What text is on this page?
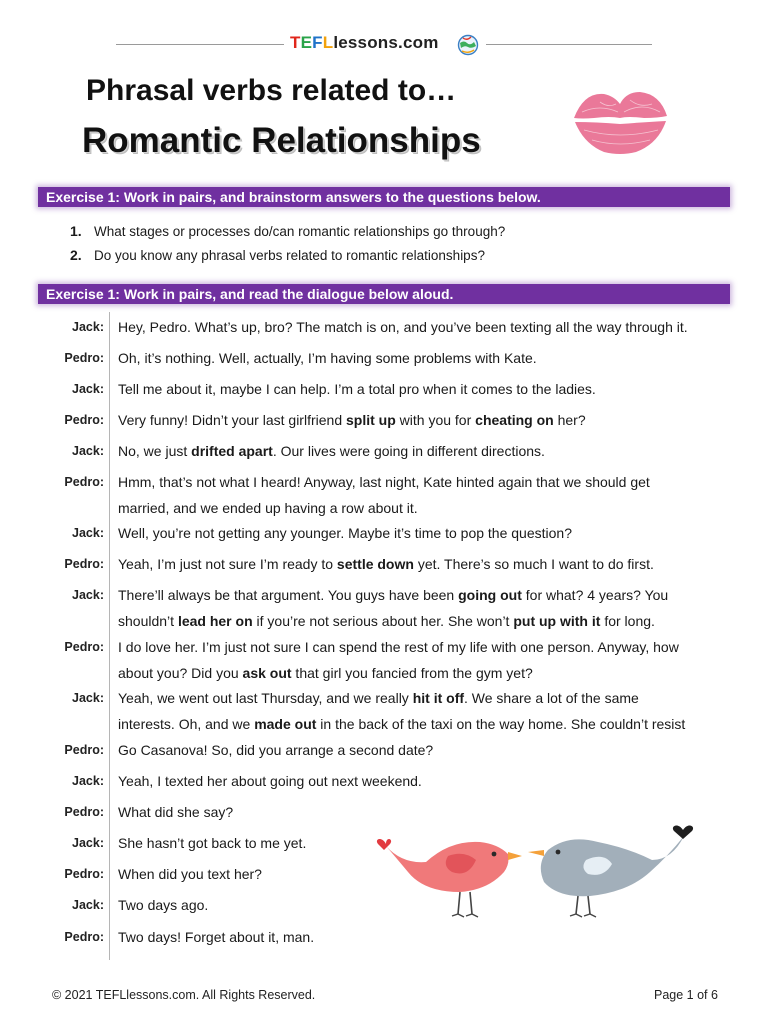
TEFLlessons.com
Phrasal verbs related to…
Romantic Relationships
Exercise 1: Work in pairs, and brainstorm answers to the questions below.
1. What stages or processes do/can romantic relationships go through?
2. Do you know any phrasal verbs related to romantic relationships?
Exercise 1: Work in pairs, and read the dialogue below aloud.
Jack: Hey, Pedro. What’s up, bro? The match is on, and you’ve been texting all the way through it.
Pedro: Oh, it’s nothing. Well, actually, I’m having some problems with Kate.
Jack: Tell me about it, maybe I can help. I’m a total pro when it comes to the ladies.
Pedro: Very funny! Didn’t your last girlfriend split up with you for cheating on her?
Jack: No, we just drifted apart. Our lives were going in different directions.
Pedro: Hmm, that’s not what I heard! Anyway, last night, Kate hinted again that we should get
married, and we ended up having a row about it.
Jack: Well, you’re not getting any younger. Maybe it’s time to pop the question?
Pedro: Yeah, I’m just not sure I’m ready to settle down yet. There’s so much I want to do first.
Jack: There’ll always be that argument. You guys have been going out for what? 4 years? You
shouldn’t lead her on if you’re not serious about her. She won’t put up with it for long.
Pedro: I do love her. I’m just not sure I can spend the rest of my life with one person. Anyway, how
about you? Did you ask out that girl you fancied from the gym yet?
Jack: Yeah, we went out last Thursday, and we really hit it off. We share a lot of the same
interests. Oh, and we made out in the back of the taxi on the way home. She couldn’t resist
Pedro: Go Casanova! So, did you arrange a second date?
Jack: Yeah, I texted her about going out next weekend.
Pedro: What did she say?
Jack: She hasn’t got back to me yet.
Pedro: When did you text her?
Jack: Two days ago.
Pedro: Two days! Forget about it, man.
© 2021 TEFLlessons.com. All Rights Reserved.	Page 1 of 6
